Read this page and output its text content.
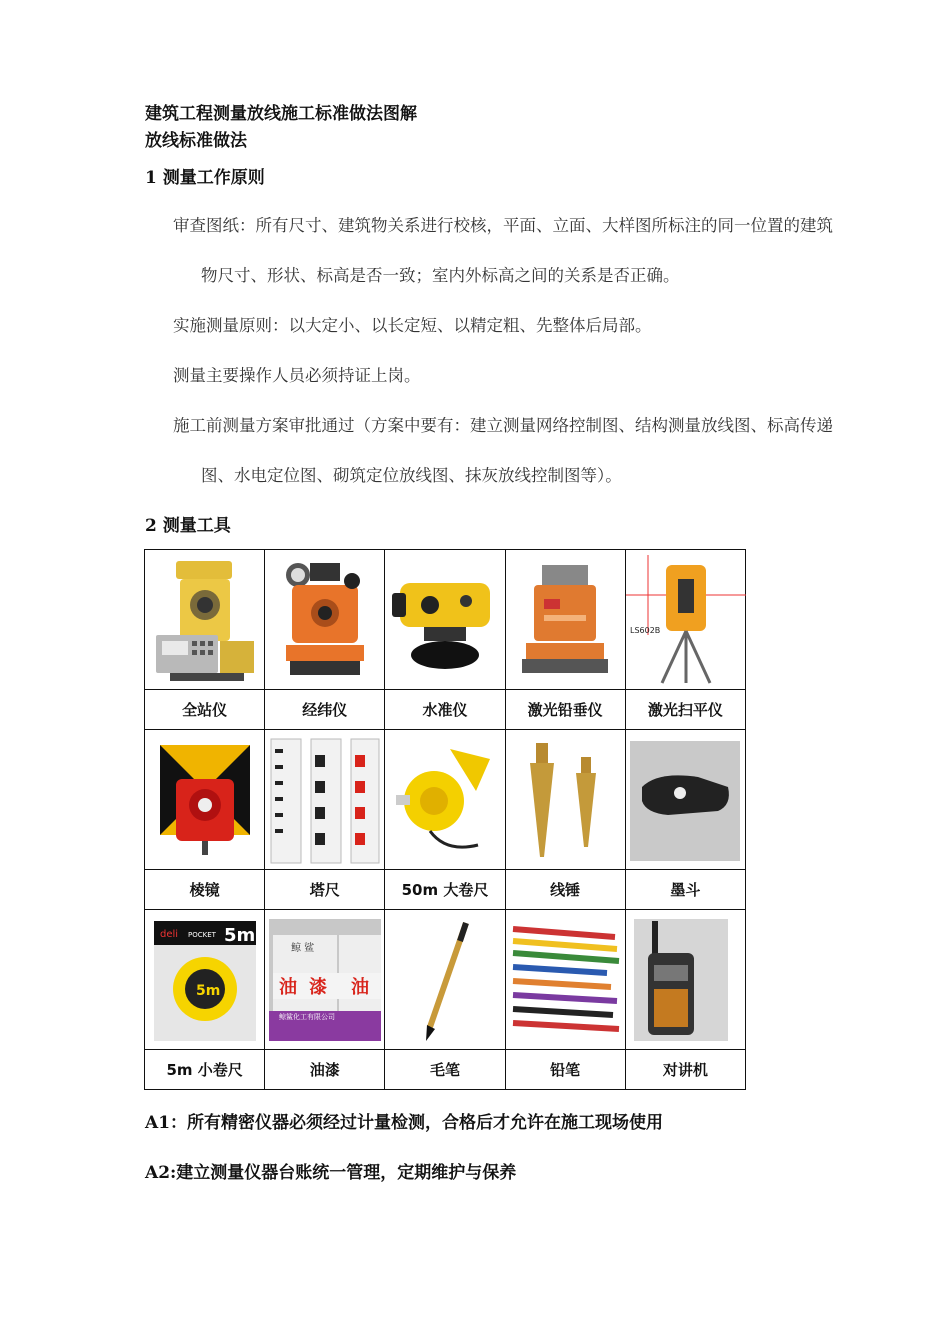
建筑工程测量放线施工标准做法图解
放线标准做法
1 测量工作原则
审查图纸：所有尺寸、建筑物关系进行校核，平面、立面、大样图所标注的同一位置的建筑
物尺寸、形状、标高是否一致；室内外标高之间的关系是否正确。
实施测量原则：以大定小、以长定短、以精定粗、先整体后局部。
测量主要操作人员必须持证上岗。
施工前测量方案审批通过（方案中要有：建立测量网络控制图、结构测量放线图、标高传递
图、水电定位图、砌筑定位放线图、抹灰放线控制图等）。
2 测量工具

LS602B

全站仪	经纬仪	水准仪	激光铅垂仪	激光扫平仪

棱镜	塔尺	50m 大卷尺	线锤	墨斗

deli POCKET 5m
5m	鲸 鲨
油 漆 油
鲸鲨化工有限公司

5m 小卷尺	油漆	毛笔	铅笔	对讲机
A1：所有精密仪器必须经过计量检测，合格后才允许在施工现场使用
A2:建立测量仪器台账统一管理，定期维护与保养
